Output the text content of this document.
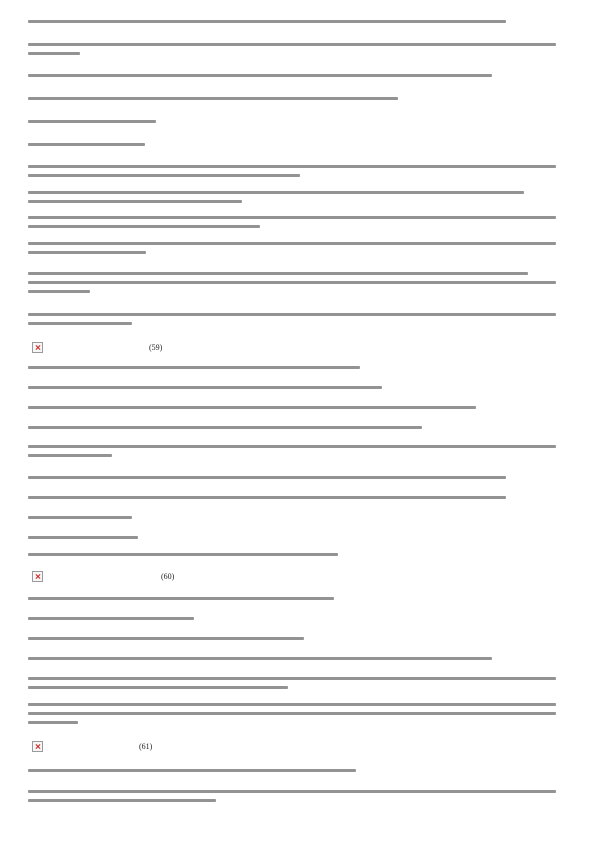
(59)
(60)
(61)
